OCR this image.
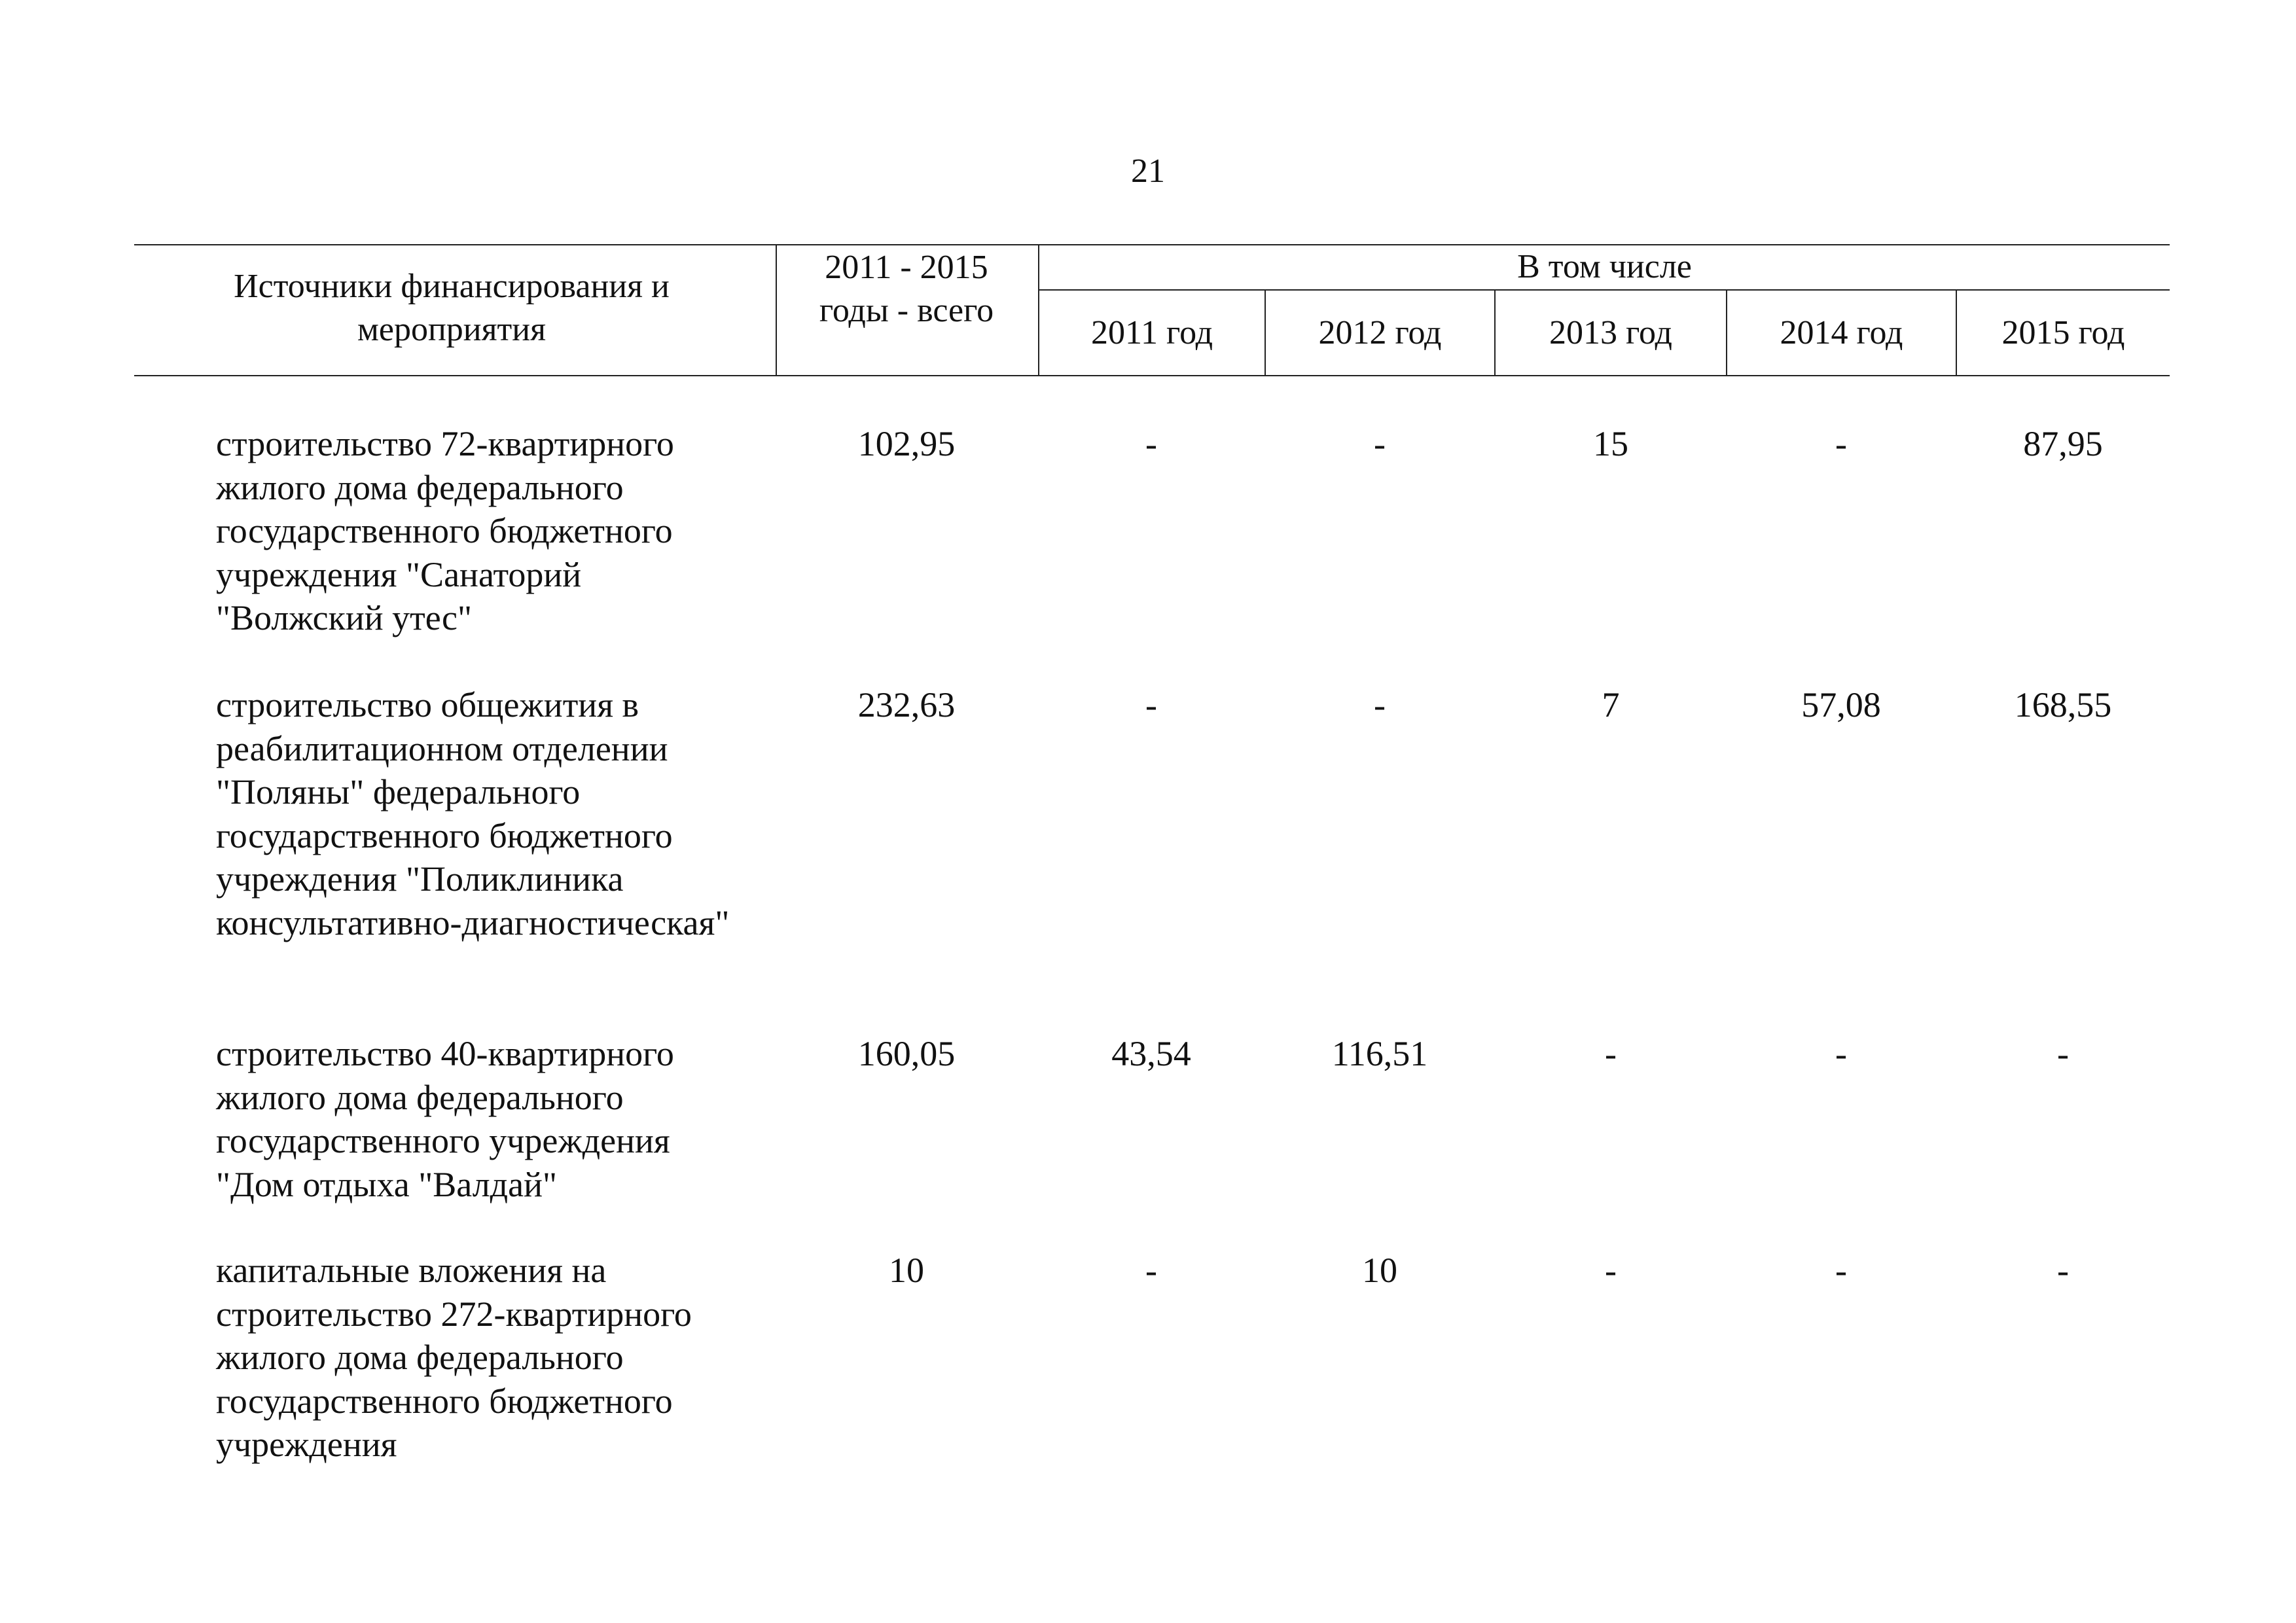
21
Источники финансирования и мероприятия
2011 - 2015 годы - всего
В том числе
2011 год	2012 год	2013 год	2014 год	2015 год
строительство 72-квартирного жилого дома федерального государственного бюджетного учреждения "Санаторий "Волжский утес"
102,95	-	-	15	-	87,95
строительство общежития в реабилитационном отделении "Поляны" федерального государственного бюджетного учреждения "Поликлиника консультативно-диагностическая"
232,63	-	-	7	57,08	168,55
строительство 40-квартирного жилого дома федерального государственного учреждения "Дом отдыха "Валдай"
160,05	43,54	116,51	-	-	-
капитальные вложения на строительство 272-квартирного жилого дома федерального государственного бюджетного учреждения
10	-	10	-	-	-
